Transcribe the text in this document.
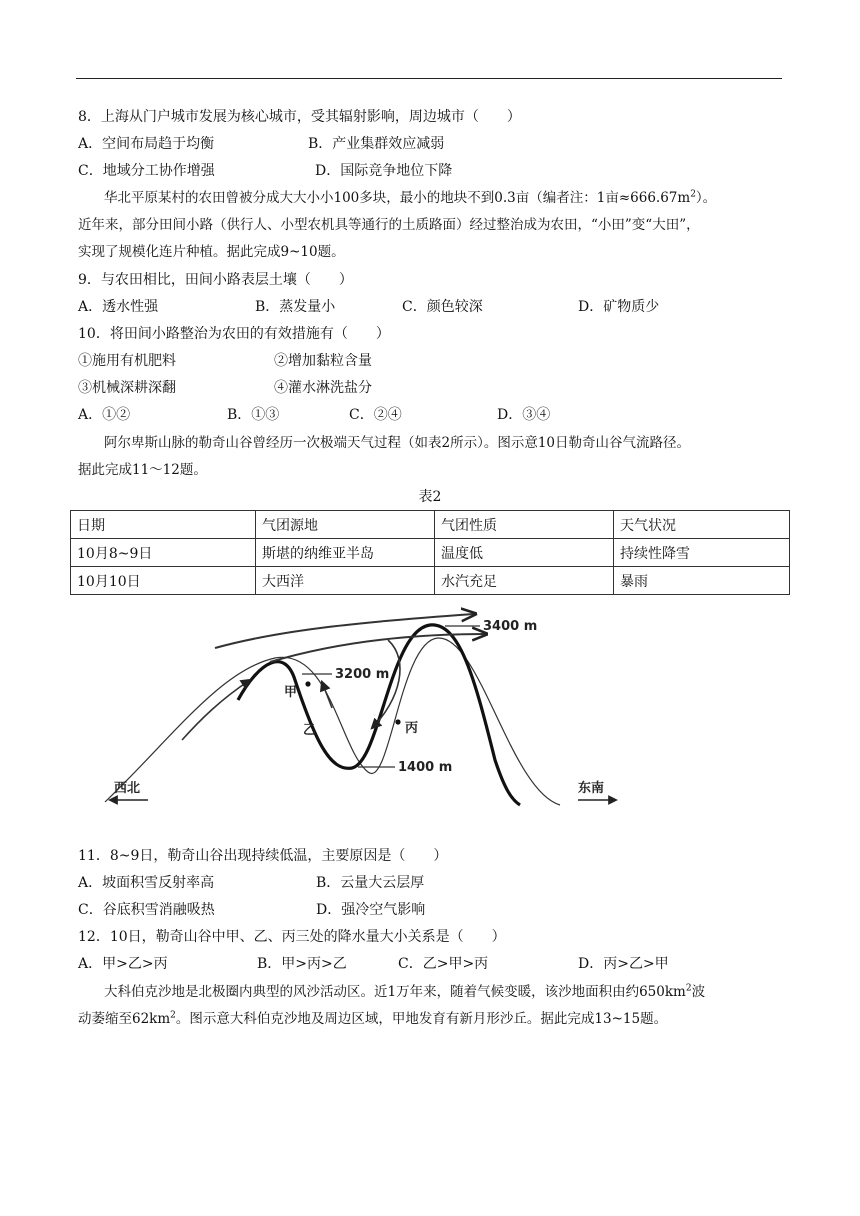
8．上海从门户城市发展为核心城市，受其辐射影响，周边城市（　　）
A．空间布局趋于均衡	B．产业集群效应减弱
C．地域分工协作增强	D．国际竞争地位下降
华北平原某村的农田曾被分成大大小小100多块，最小的地块不到0.3亩（编者注：1亩$\approx 666.67m^2$）。
近年来，部分田间小路（供行人、小型农机具等通行的土质路面）经过整治成为农田，“小田”变“大田”，
实现了规模化连片种植。据此完成9~10题。
9．与农田相比，田间小路表层土壤（　　）
A．透水性强	B．蒸发量小	C．颜色较深	D．矿物质少
10．将田间小路整治为农田的有效措施有（　　）
①施用有机肥料	②增加黏粒含量
③机械深耕深翻	④灌水淋洗盐分
A．①②	B．①③	C．②④	D．③④
阿尔卑斯山脉的勒奇山谷曾经历一次极端天气过程（如表2所示）。图示意10日勒奇山谷气流路径。
据此完成11～12题。
表2
日期	气团源地	气团性质	天气状况
10月8~9日	斯堪的纳维亚半岛	温度低	持续性降雪
10月10日	大西洋	水汽充足	暴雨
3200 m
3400 m
1400 m
甲
乙	丙
西北	东南
11．8~9日，勒奇山谷出现持续低温，主要原因是（　　）
A．坡面积雪反射率高	B．云量大云层厚
C．谷底积雪消融吸热	D．强冷空气影响
12．10日，勒奇山谷中甲、乙、丙三处的降水量大小关系是（　　）
A．甲>乙>丙	B．甲>丙>乙	C．乙>甲>丙	D．丙>乙>甲
大科伯克沙地是北极圈内典型的风沙活动区。近1万年来，随着气候变暖，该沙地面积由约$650km^2$波
动萎缩至$62km^2$。图示意大科伯克沙地及周边区域，甲地发育有新月形沙丘。据此完成13~15题。
